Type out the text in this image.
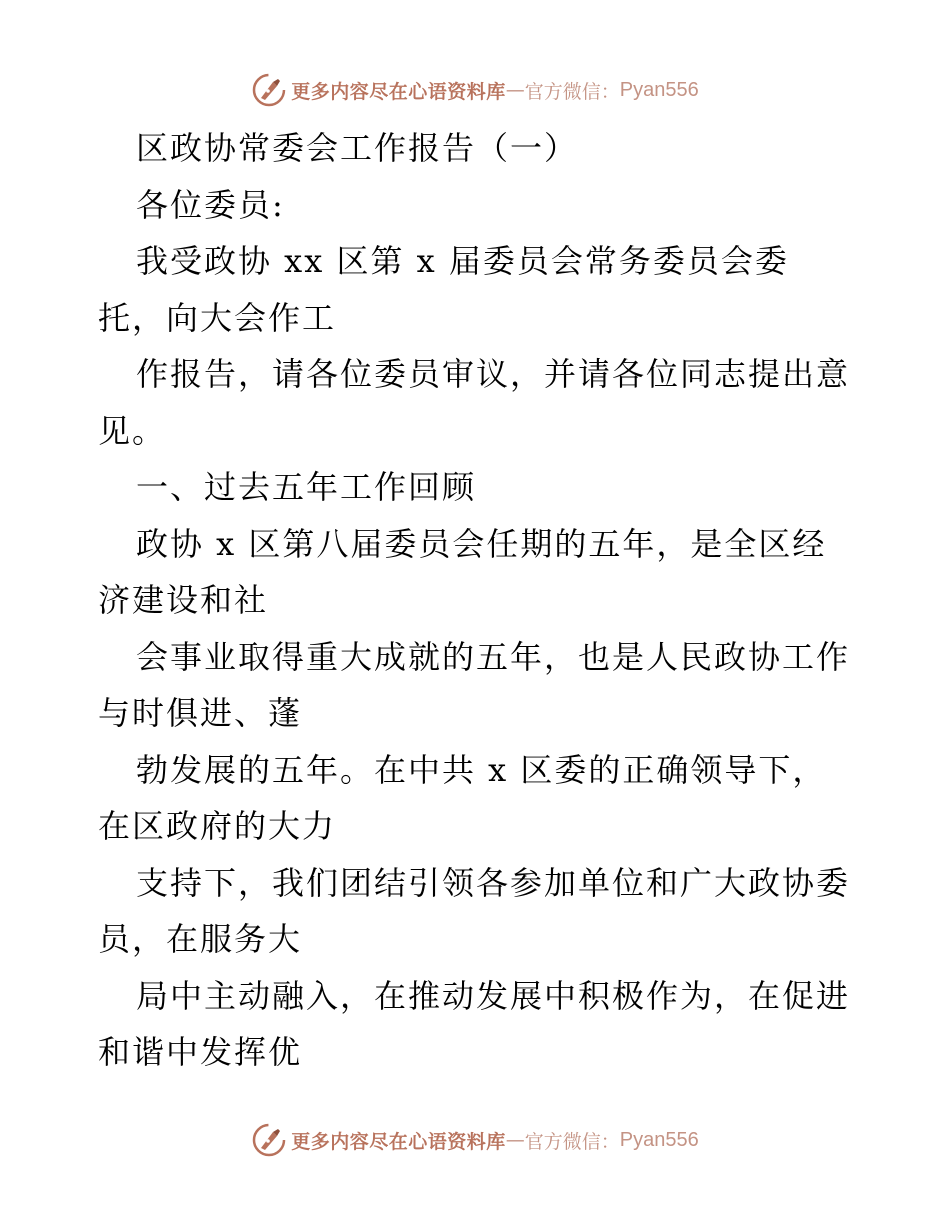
更多内容尽在心语资料库 — 官方微信： Pyan556
区政协常委会工作报告（一）
各位委员:
我受政协 xx 区第 x 届委员会常务委员会委
托，向大会作工
作报告，请各位委员审议，并请各位同志提出意
见。
一、过去五年工作回顾
政协 x 区第八届委员会任期的五年，是全区经
济建设和社
会事业取得重大成就的五年，也是人民政协工作
与时俱进、蓬
勃发展的五年。在中共 x 区委的正确领导下，
在区政府的大力
支持下，我们团结引领各参加单位和广大政协委
员，在服务大
局中主动融入，在推动发展中积极作为，在促进
和谐中发挥优
更多内容尽在心语资料库 — 官方微信： Pyan556
